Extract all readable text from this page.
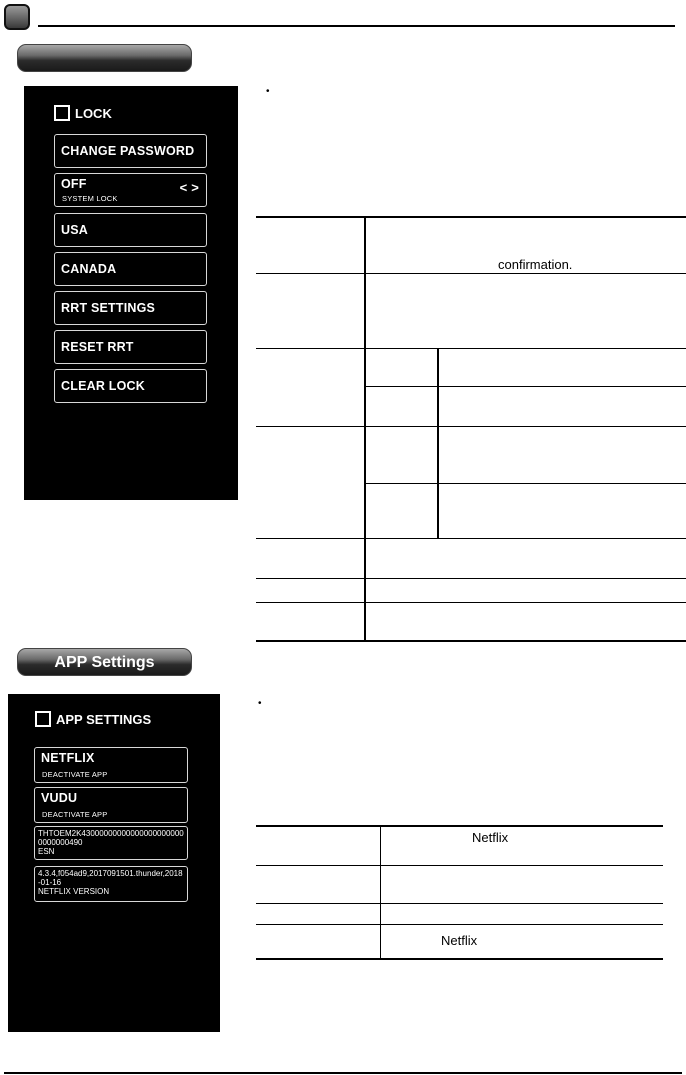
LOCK
CHANGE PASSWORD
OFF	< >
SYSTEM LOCK
USA
CANADA
RRT SETTINGS
RESET RRT
CLEAR LOCK
•
confirmation.
APP Settings
APP SETTINGS
NETFLIX
DEACTIVATE APP
VUDU
DEACTIVATE APP
THTOEM2K430000000000000000000000000000490
ESN
4.3.4,f054ad9,2017091501.thunder,2018-01-16
NETFLIX VERSION
•
Netflix
Netflix
